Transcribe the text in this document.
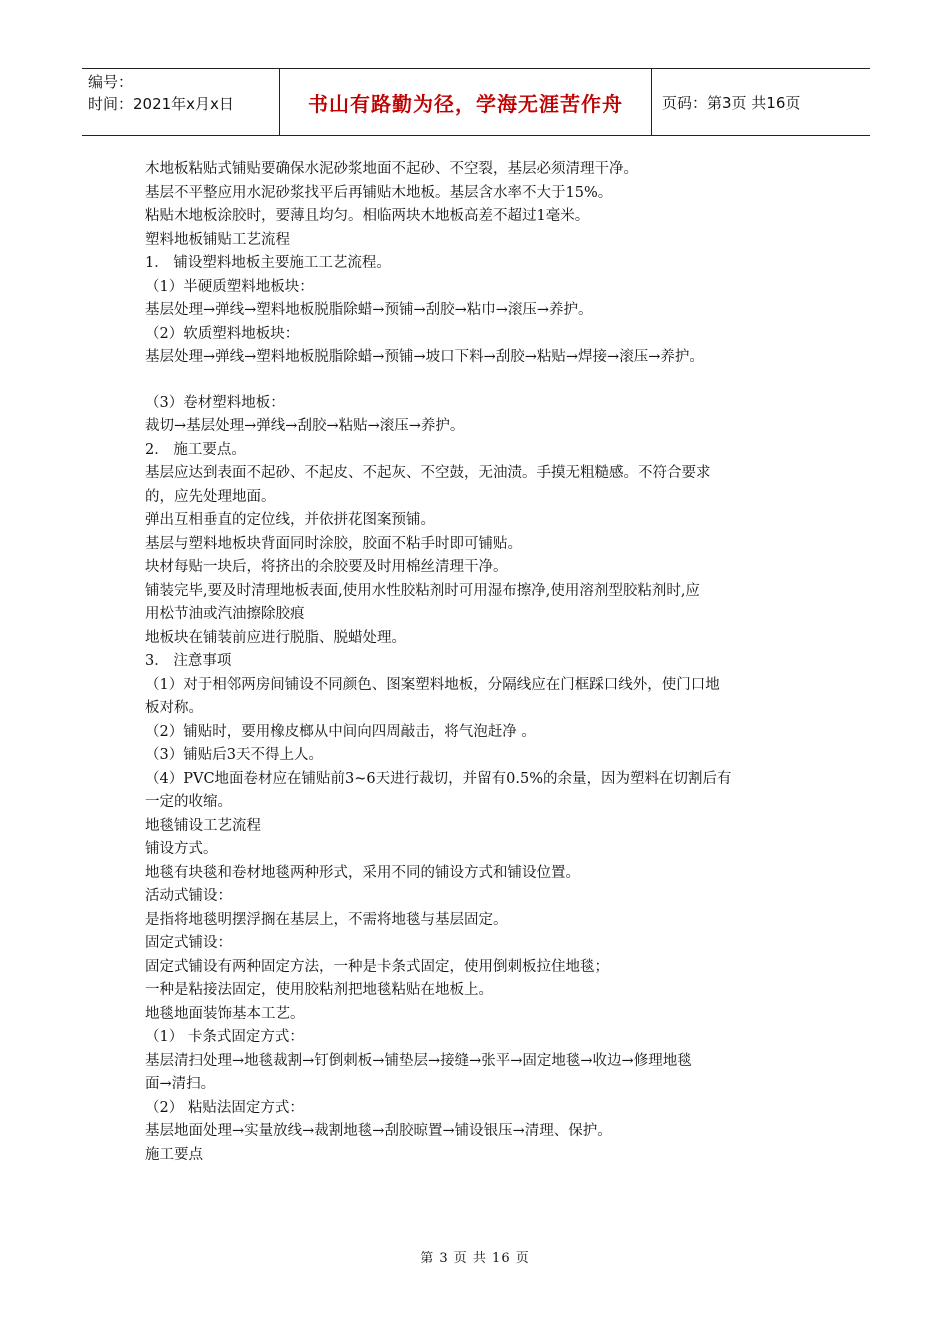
编号：
时间：2021年x月x日	书山有路勤为径，学海无涯苦作舟	页码：第3页 共16页

木地板粘贴式铺贴要确保水泥砂浆地面不起砂、不空裂，基层必须清理干净。

基层不平整应用水泥砂浆找平后再铺贴木地板。基层含水率不大于15%。

粘贴木地板涂胶时，要薄且均匀。相临两块木地板高差不超过1毫米。

塑料地板铺贴工艺流程

1． 铺设塑料地板主要施工工艺流程。

（1）半硬质塑料地板块：

基层处理→弹线→塑料地板脱脂除蜡→预铺→刮胶→粘巾→滚压→养护。

（2）软质塑料地板块：

基层处理→弹线→塑料地板脱脂除蜡→预铺→坡口下料→刮胶→粘贴→焊接→滚压→养护。

（3）卷材塑料地板：

裁切→基层处理→弹线→刮胶→粘贴→滚压→养护。

2． 施工要点。

基层应达到表面不起砂、不起皮、不起灰、不空鼓，无油渍。手摸无粗糙感。不符合要求

的，应先处理地面。

弹出互相垂直的定位线，并依拼花图案预铺。

基层与塑料地板块背面同时涂胶，胶面不粘手时即可铺贴。

块材每贴一块后，将挤出的余胶要及时用棉丝清理干净。

铺装完毕,要及时清理地板表面,使用水性胶粘剂时可用湿布擦净,使用溶剂型胶粘剂时,应

用松节油或汽油擦除胶痕

地板块在铺装前应进行脱脂、脱蜡处理。

3． 注意事项

（1）对于相邻两房间铺设不同颜色、图案塑料地板，分隔线应在门框踩口线外，使门口地

板对称。

（2）铺贴时，要用橡皮榔从中间向四周敲击，将气泡赶净 。

（3）铺贴后3天不得上人。

（4）PVC地面卷材应在铺贴前3~6天进行裁切，并留有0.5%的余量，因为塑料在切割后有

一定的收缩。

地毯铺设工艺流程

铺设方式。

地毯有块毯和卷材地毯两种形式，采用不同的铺设方式和铺设位置。

活动式铺设：

是指将地毯明摆浮搁在基层上，不需将地毯与基层固定。

固定式铺设：

固定式铺设有两种固定方法，一种是卡条式固定，使用倒刺板拉住地毯；

一种是粘接法固定，使用胶粘剂把地毯粘贴在地板上。

地毯地面装饰基本工艺。

（1） 卡条式固定方式：

基层清扫处理→地毯裁割→钉倒刺板→铺垫层→接缝→张平→固定地毯→收边→修理地毯

面→清扫。

（2） 粘贴法固定方式：

基层地面处理→实量放线→裁割地毯→刮胶晾置→铺设银压→清理、保护。

施工要点

第 3 页 共 16 页
